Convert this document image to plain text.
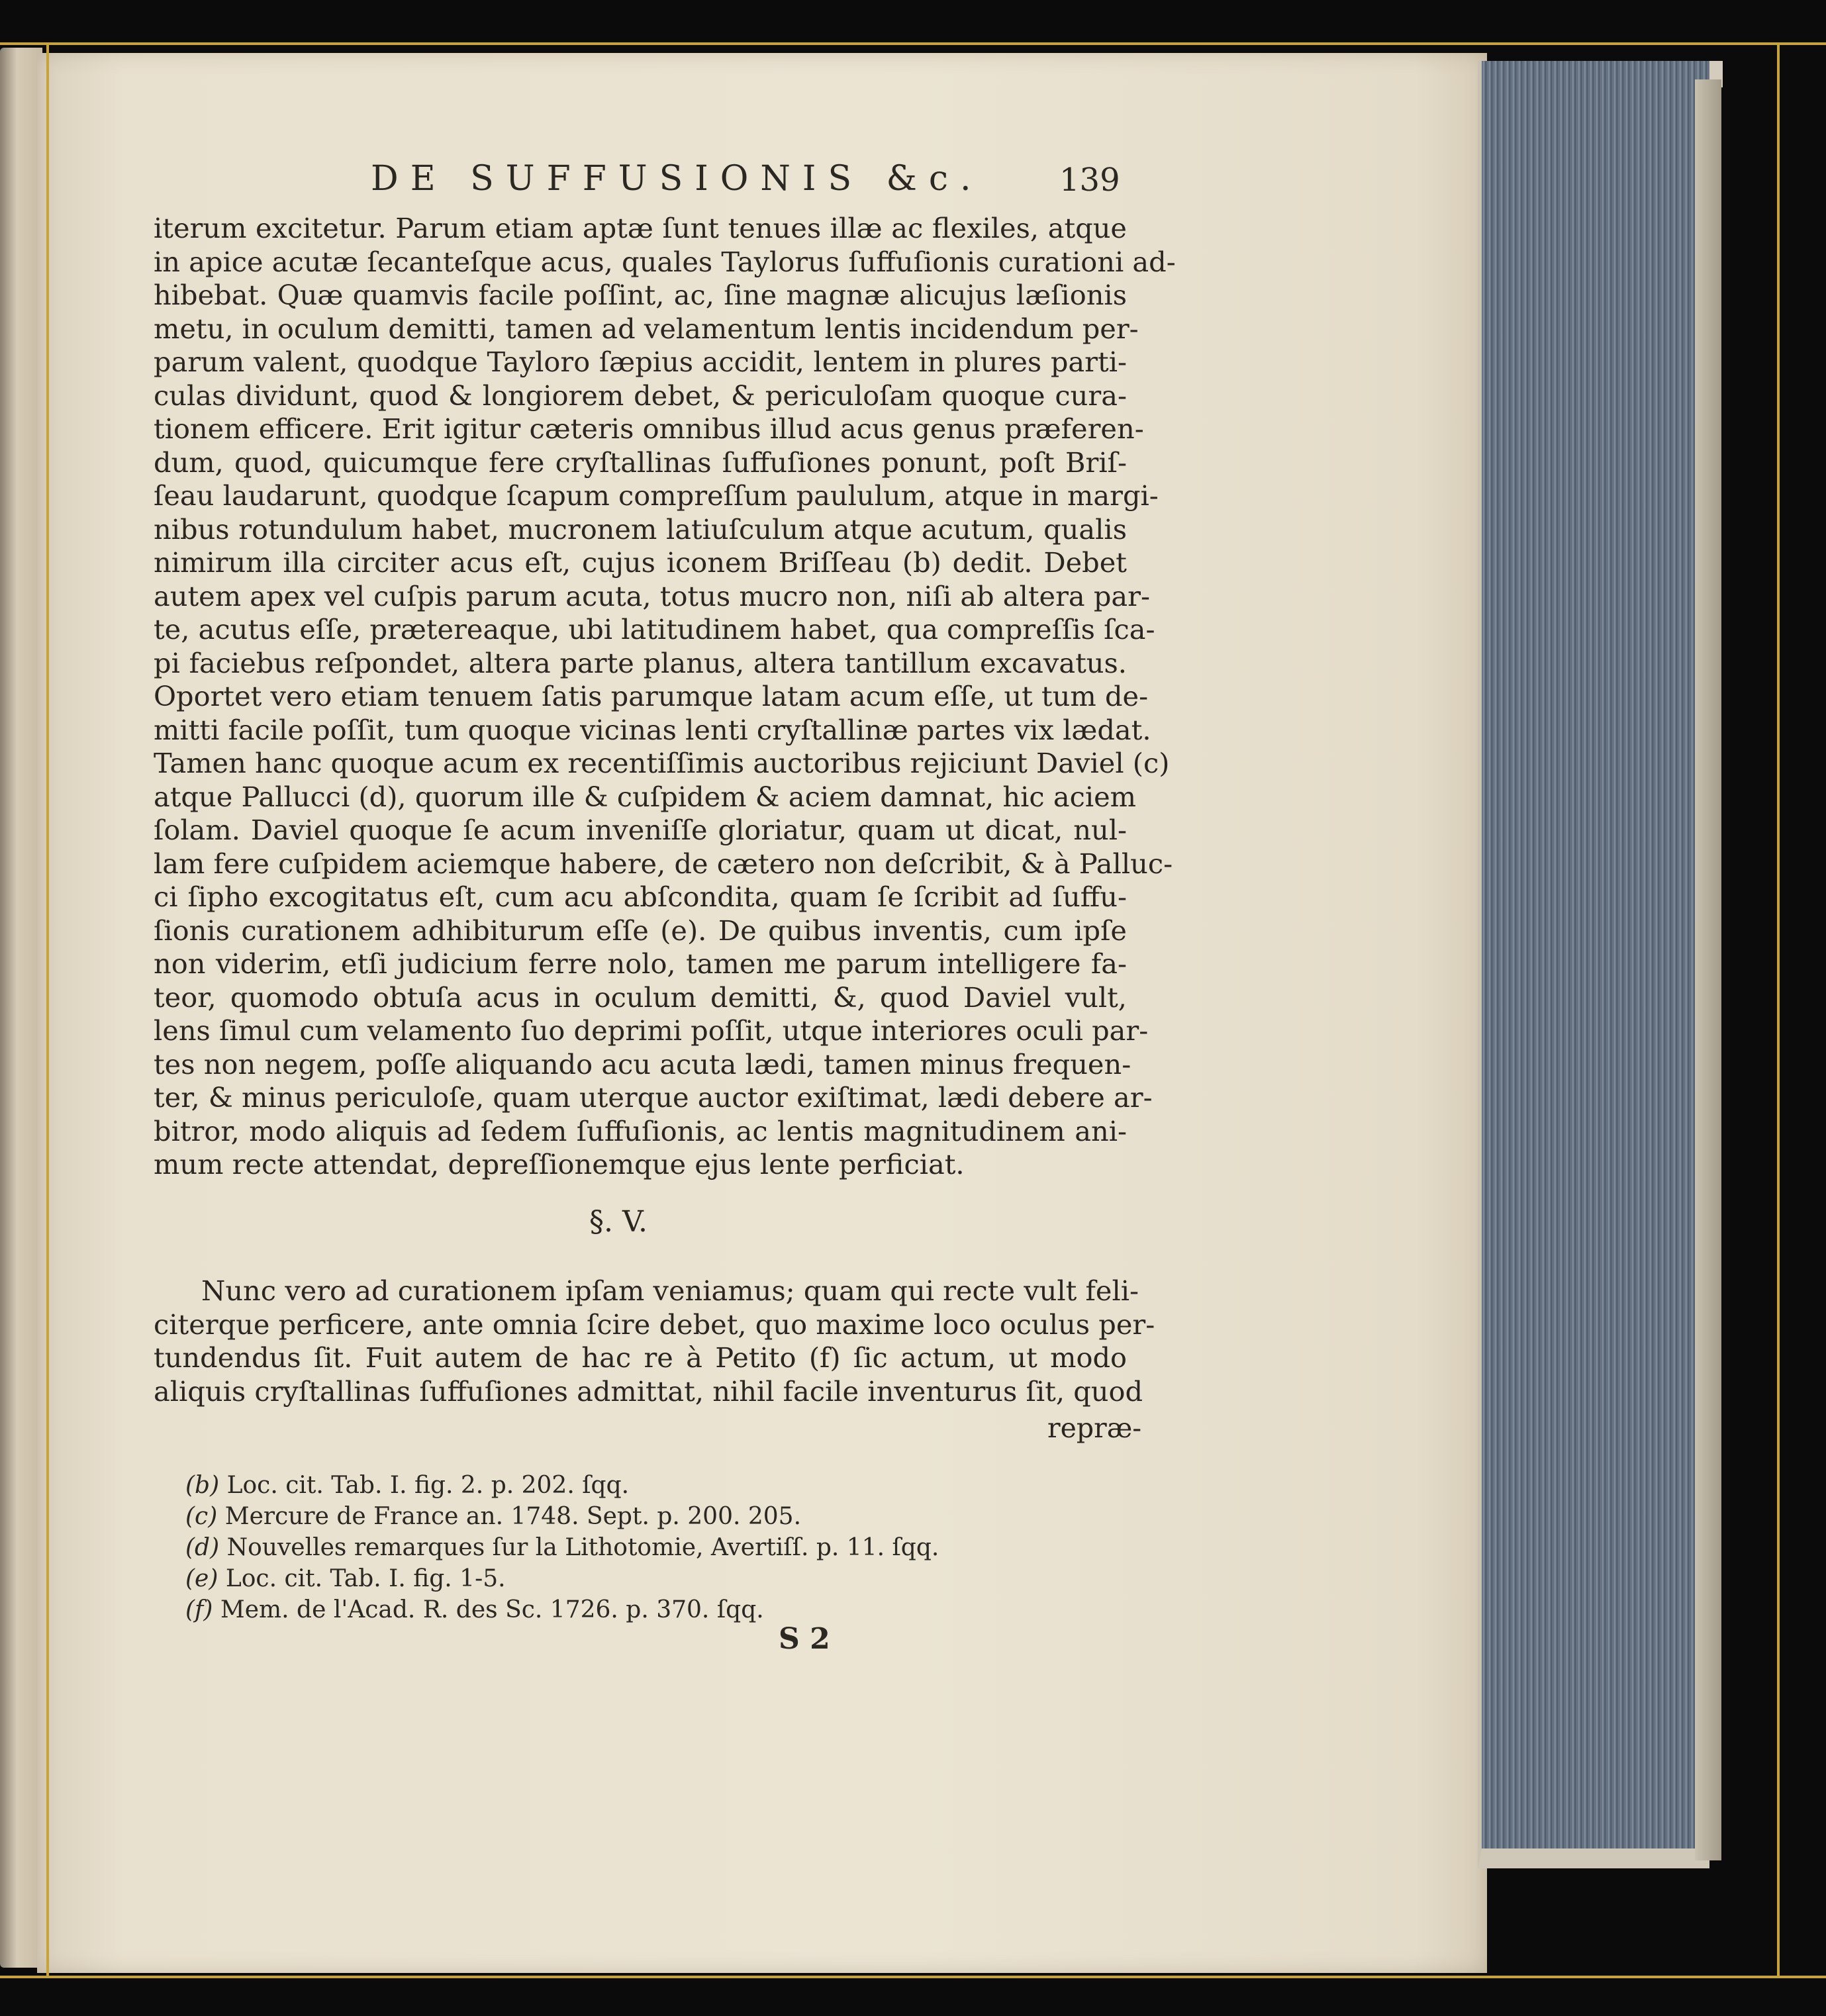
DE SUFFUSIONIS &c.	139
iterum excitetur. Parum etiam aptæ ſunt tenues illæ ac flexiles, atque
in apice acutæ ſecanteſque acus, quales Taylorus ſuffuſionis curationi ad-
hibebat. Quæ quamvis facile poſſint, ac, ſine magnæ alicujus læſionis
metu, in oculum demitti, tamen ad velamentum lentis incidendum per-
parum valent, quodque Tayloro ſæpius accidit, lentem in plures parti-
culas dividunt, quod & longiorem debet, & periculoſam quoque cura-
tionem efficere. Erit igitur cæteris omnibus illud acus genus præferen-
dum, quod, quicumque fere cryſtallinas ſuffuſiones ponunt, poſt Briſ-
ſeau laudarunt, quodque ſcapum compreſſum paululum, atque in margi-
nibus rotundulum habet, mucronem latiuſculum atque acutum, qualis
nimirum illa circiter acus eſt, cujus iconem Briſſeau (b) dedit. Debet
autem apex vel cuſpis parum acuta, totus mucro non, niſi ab altera par-
te, acutus eſſe, prætereaque, ubi latitudinem habet, qua compreſſis ſca-
pi faciebus reſpondet, altera parte planus, altera tantillum excavatus.
Oportet vero etiam tenuem ſatis parumque latam acum eſſe, ut tum de-
mitti facile poſſit, tum quoque vicinas lenti cryſtallinæ partes vix lædat.
Tamen hanc quoque acum ex recentiſſimis auctoribus rejiciunt Daviel (c)
atque Pallucci (d), quorum ille & cuſpidem & aciem damnat, hic aciem
ſolam. Daviel quoque ſe acum inveniſſe gloriatur, quam ut dicat, nul-
lam fere cuſpidem aciemque habere, de cætero non deſcribit, & à Palluc-
ci ſipho excogitatus eſt, cum acu abſcondita, quam ſe ſcribit ad ſuffu-
ſionis curationem adhibiturum eſſe (e). De quibus inventis, cum ipſe
non viderim, etſi judicium ferre nolo, tamen me parum intelligere fa-
teor, quomodo obtuſa acus in oculum demitti, &, quod Daviel vult,
lens ſimul cum velamento ſuo deprimi poſſit, utque interiores oculi par-
tes non negem, poſſe aliquando acu acuta lædi, tamen minus frequen-
ter, & minus periculoſe, quam uterque auctor exiſtimat, lædi debere ar-
bitror, modo aliquis ad ſedem ſuffuſionis, ac lentis magnitudinem ani-
mum recte attendat, depreſſionemque ejus lente perficiat.
§. V.
Nunc vero ad curationem ipſam veniamus; quam qui recte vult feli-
citerque perficere, ante omnia ſcire debet, quo maxime loco oculus per-
tundendus ſit. Fuit autem de hac re à Petito (f) ſic actum, ut modo
aliquis cryſtallinas ſuffuſiones admittat, nihil facile inventurus ſit, quod
repræ-
(b) Loc. cit. Tab. I. fig. 2. p. 202. ſqq.
(c) Mercure de France an. 1748. Sept. p. 200. 205.
(d) Nouvelles remarques ſur la Lithotomie, Avertiſſ. p. 11. ſqq.
(e) Loc. cit. Tab. I. fig. 1-5.
(f) Mem. de l'Acad. R. des Sc. 1726. p. 370. ſqq.
S 2
